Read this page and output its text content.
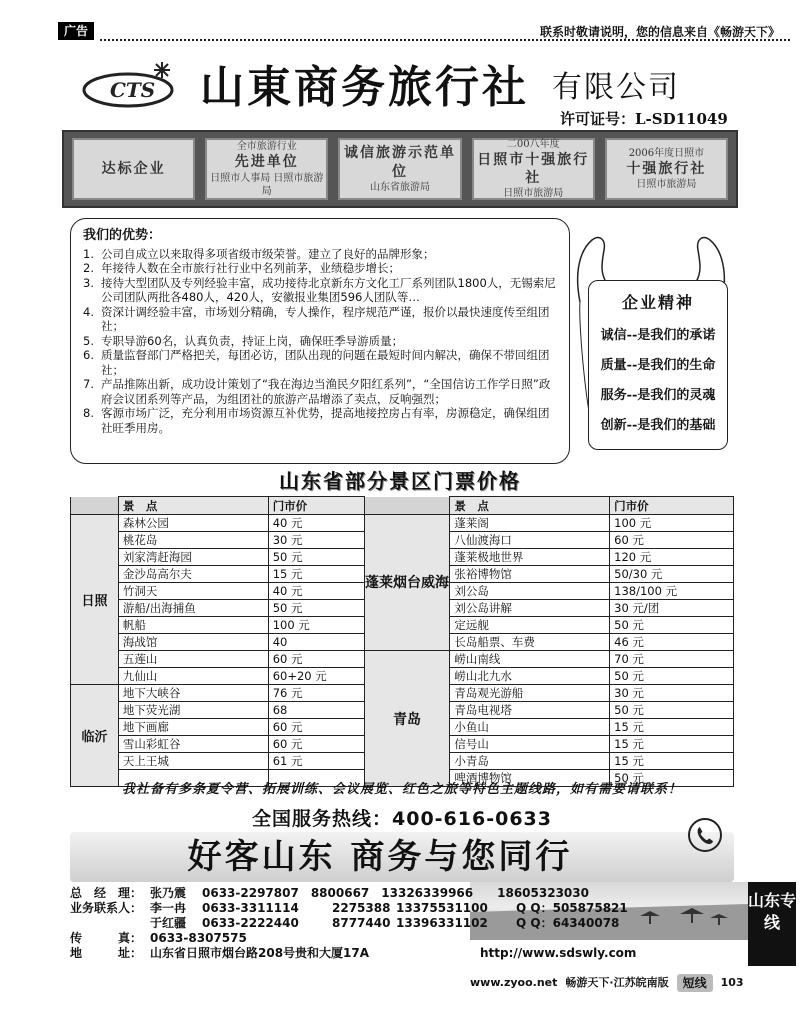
广告	联系时敬请说明，您的信息来自《畅游天下》
CTS 山東商务旅行社 有限公司
许可证号：L-SD11049
达标企业
全市旅游行业
先进单位
日照市人事局 日照市旅游局
诚信旅游示范单位
山东省旅游局
二00八年度
日照市十强旅行社
日照市旅游局
2006年度日照市
十强旅行社
日照市旅游局
我们的优势：
1. 公司自成立以来取得多项省级市级荣誉。建立了良好的品牌形象；
2. 年接待人数在全市旅行社行业中名列前茅，业绩稳步增长；
3. 接待大型团队及专列经验丰富，成功接待北京新东方文化工厂系列团队1800人，无锡索尼公司团队两批各480人，420人，安徽报业集团596人团队等…
4. 资深计调经验丰富，市场划分精确，专人操作，程序规范严谨，报价以最快速度传至组团社；
5. 专职导游60名，认真负责，持证上岗，确保旺季导游质量；
6. 质量监督部门严格把关，每团必访，团队出现的问题在最短时间内解决，确保不带回组团社；
7. 产品推陈出新，成功设计策划了“我在海边当渔民夕阳红系列”，“全国信访工作学日照”政府会议团系列等产品，为组团社的旅游产品增添了卖点，反响强烈；
8. 客源市场广泛，充分利用市场资源互补优势，提高地接控房占有率，房源稳定，确保组团社旺季用房。
企业精神
诚信--是我们的承诺
质量--是我们的生命
服务--是我们的灵魂
创新--是我们的基础
山东省部分景区门票价格
	景　点	门市价		景　点	门市价
日照	森林公园	40 元	蓬莱烟台威海	蓬莱阁	100 元
	桃花岛	30 元		八仙渡海口	60 元
	刘家湾赶海园	50 元		蓬莱极地世界	120 元
	金沙岛高尔夫	15 元		张裕博物馆	50/30 元
	竹洞天	40 元		刘公岛	138/100 元
	游船/出海捕鱼	50 元		刘公岛讲解	30 元/团
	帆船	100 元		定远舰	50 元
	海战馆	40		长岛船票、车费	46 元
	五莲山	60 元	青岛	崂山南线	70 元
	九仙山	60+20 元		崂山北九水	50 元
临沂	地下大峡谷	76 元		青岛观光游船	30 元
	地下荧光湖	68		青岛电视塔	50 元
	地下画廊	60 元		小鱼山	15 元
	雪山彩虹谷	60 元		信号山	15 元
	天上王城	61 元		小青岛	15 元
				啤酒博物馆	50 元
我社备有多条夏令营、拓展训练、会议展览、红色之旅等特色主题线路，如有需要请联系！
全国服务热线：400-616-0633
好客山东 商务与您同行
山东专线
总　经　理： 张乃震	0633-2297807　8800667　13326339966　　18605323030
业务联系人： 李一冉	0633-3311114	2275388 13375531100	Q Q： 505875821
于红疆	0633-2222440	8777440 13396331102	Q Q： 64340078
传　　　真： 0633-8307575
地　　　址： 山东省日照市烟台路208号贵和大厦17A	http://www.sdswly.com
www.zyoo.net 畅游天下·江苏皖南版	短线	103
